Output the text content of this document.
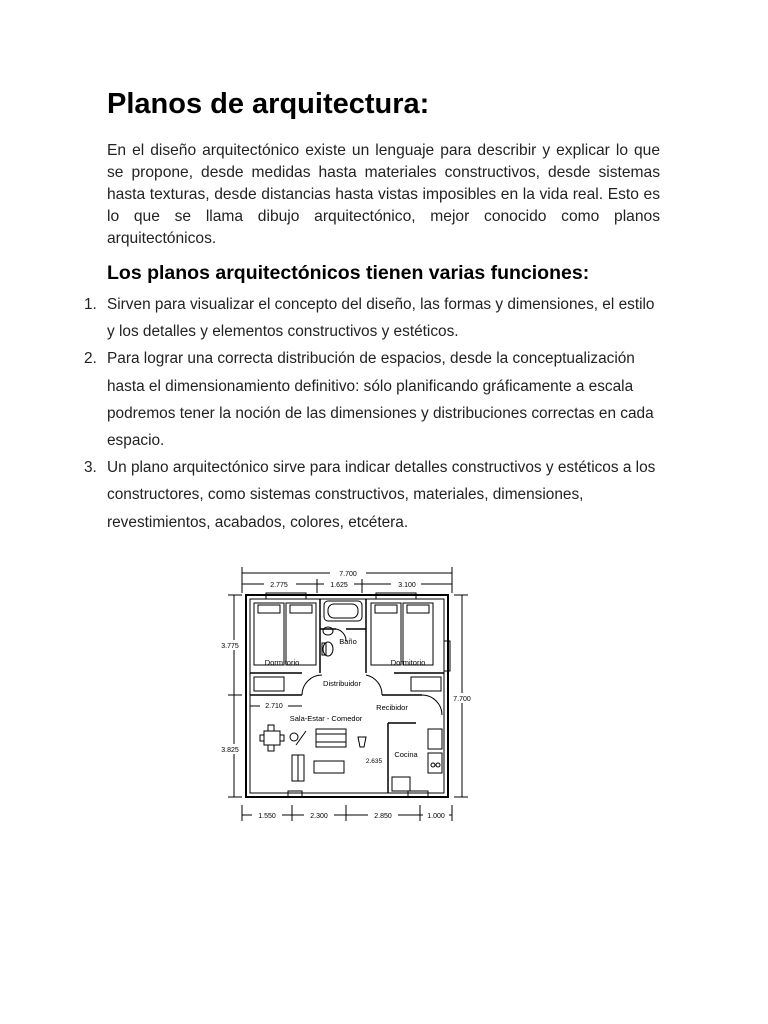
Planos de arquitectura:

En el diseño arquitectónico existe un lenguaje para describir y explicar lo que se propone, desde medidas hasta materiales constructivos, desde sistemas hasta texturas, desde distancias hasta vistas imposibles en la vida real. Esto es lo que se llama dibujo arquitectónico, mejor conocido como planos arquitectónicos.

Los planos arquitectónicos tienen varias funciones:
1. Sirven para visualizar el concepto del diseño, las formas y dimensiones, el estilo y los detalles y elementos constructivos y estéticos.
2. Para lograr una correcta distribución de espacios, desde la conceptualización hasta el dimensionamiento definitivo: sólo planificando gráficamente a escala podremos tener la noción de las dimensiones y distribuciones correctas en cada espacio.
3. Un plano arquitectónico sirve para indicar detalles constructivos y estéticos a los constructores, como sistemas constructivos, materiales, dimensiones, revestimientos, acabados, colores, etcétera.
7.700
2.775	1.625	3.100
3.775
3.825
7.700
Dormitorio
Baño
Dormitorio
Distribuidor
Recibidor
Sala-Estar - Comedor
Cocina
2.710
2.635
1.550	2.300	2.850	1.000
